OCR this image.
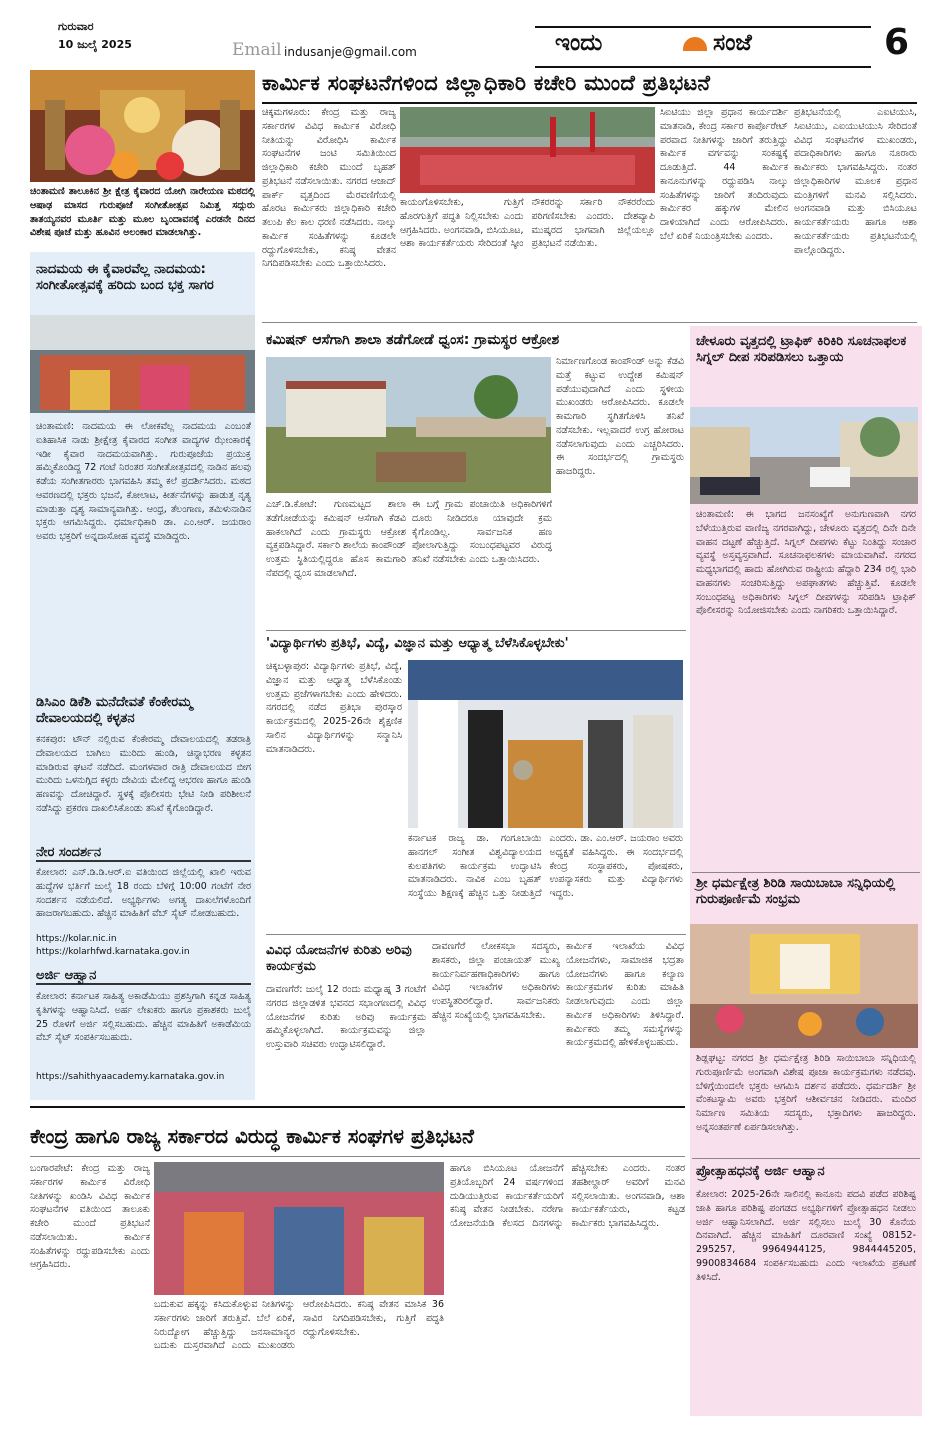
ಗುರುವಾರ
10 ಜುಲೈ 2025	Email indusanje@gmail.com	ಇಂದು	ಸಂಜೆ	6
ಚಿಂತಾಮಣಿ ತಾಲೂಕಿನ ಶ್ರೀ ಕ್ಷೇತ್ರ ಕೈವಾರದ ಯೋಗಿ ನಾರೇಯಣ ಮಠದಲ್ಲಿ ಆಷಾಢ ಮಾಸದ ಗುರುಪೂಜೆ ಸಂಗೀತೋತ್ಸವ ನಿಮಿತ್ತ ಸದ್ಗುರು ತಾತಯ್ಯನವರ ಮೂರ್ತಿ ಮತ್ತು ಮೂಲ ಬೃಂದಾವನಕ್ಕೆ ಎರಡನೇ ದಿನದ ವಿಶೇಷ ಪೂಜೆ ಮತ್ತು ಹೂವಿನ ಅಲಂಕಾರ ಮಾಡಲಾಗಿತ್ತು.
ಕಾರ್ಮಿಕ ಸಂಘಟನೆಗಳಿಂದ ಜಿಲ್ಲಾಧಿಕಾರಿ ಕಚೇರಿ ಮುಂದೆ ಪ್ರತಿಭಟನೆ
ಚಿಕ್ಕಮಗಳೂರು: ಕೇಂದ್ರ ಮತ್ತು ರಾಜ್ಯ ಸರ್ಕಾರಗಳ ವಿವಿಧ ಕಾರ್ಮಿಕ ವಿರೋಧಿ ನೀತಿಯನ್ನು ವಿರೋಧಿಸಿ ಕಾರ್ಮಿಕ ಸಂಘಟನೆಗಳ ಜಂಟಿ ಸಮಿತಿಯಿಂದ ಜಿಲ್ಲಾಧಿಕಾರಿ ಕಚೇರಿ ಮುಂದೆ ಬೃಹತ್ ಪ್ರತಿಭಟನೆ ನಡೆಸಲಾಯಿತು. ನಗರದ ಆಜಾದ್ ಪಾರ್ಕ್ ವೃತ್ತದಿಂದ ಮೆರವಣಿಗೆಯಲ್ಲಿ ಹೊರಟ ಕಾರ್ಮಿಕರು ಜಿಲ್ಲಾಧಿಕಾರಿ ಕಚೇರಿ ತಲುಪಿ ಕೆಲ ಕಾಲ ಧರಣಿ ನಡೆಸಿದರು. ನಾಲ್ಕು ಕಾರ್ಮಿಕ ಸಂಹಿತೆಗಳನ್ನು ಕೂಡಲೇ ರದ್ದುಗೊಳಿಸಬೇಕು, ಕನಿಷ್ಠ ವೇತನ ನಿಗದಿಪಡಿಸಬೇಕು ಎಂದು ಒತ್ತಾಯಿಸಿದರು.
ಕಾಯಂಗೊಳಿಸಬೇಕು, ಗುತ್ತಿಗೆ ಹೊರಗುತ್ತಿಗೆ ಪದ್ಧತಿ ನಿಲ್ಲಿಸಬೇಕು ಎಂದು ಆಗ್ರಹಿಸಿದರು. ಅಂಗನವಾಡಿ, ಬಿಸಿಯೂಟ, ಆಶಾ ಕಾರ್ಯಕರ್ತೆಯರು ಸೇರಿದಂತೆ ಸ್ಕೀಂ ನೌಕರರನ್ನು ಸರ್ಕಾರಿ ನೌಕರರೆಂದು ಪರಿಗಣಿಸಬೇಕು ಎಂದರು. ದೇಶವ್ಯಾಪಿ ಮುಷ್ಕರದ ಭಾಗವಾಗಿ ಜಿಲ್ಲೆಯಲ್ಲೂ ಪ್ರತಿಭಟನೆ ನಡೆಯಿತು.
ಸಿಐಟಿಯು ಜಿಲ್ಲಾ ಪ್ರಧಾನ ಕಾರ್ಯದರ್ಶಿ ಮಾತನಾಡಿ, ಕೇಂದ್ರ ಸರ್ಕಾರ ಕಾರ್ಪೊರೇಟ್ ಪರವಾದ ನೀತಿಗಳನ್ನು ಜಾರಿಗೆ ತರುತ್ತಿದ್ದು ಕಾರ್ಮಿಕ ವರ್ಗವನ್ನು ಸಂಕಷ್ಟಕ್ಕೆ ದೂಡುತ್ತಿದೆ. 44 ಕಾರ್ಮಿಕ ಕಾನೂನುಗಳನ್ನು ರದ್ದುಪಡಿಸಿ ನಾಲ್ಕು ಸಂಹಿತೆಗಳನ್ನು ಜಾರಿಗೆ ತಂದಿರುವುದು ಕಾರ್ಮಿಕರ ಹಕ್ಕುಗಳ ಮೇಲಿನ ದಾಳಿಯಾಗಿದೆ ಎಂದು ಆರೋಪಿಸಿದರು. ಬೆಲೆ ಏರಿಕೆ ನಿಯಂತ್ರಿಸಬೇಕು ಎಂದರು.
ಪ್ರತಿಭಟನೆಯಲ್ಲಿ ಎಐಟಿಯುಸಿ, ಸಿಐಟಿಯು, ಎಐಯುಟಿಯುಸಿ ಸೇರಿದಂತೆ ವಿವಿಧ ಸಂಘಟನೆಗಳ ಮುಖಂಡರು, ಪದಾಧಿಕಾರಿಗಳು ಹಾಗೂ ನೂರಾರು ಕಾರ್ಮಿಕರು ಭಾಗವಹಿಸಿದ್ದರು. ನಂತರ ಜಿಲ್ಲಾಧಿಕಾರಿಗಳ ಮೂಲಕ ಪ್ರಧಾನ ಮಂತ್ರಿಗಳಿಗೆ ಮನವಿ ಸಲ್ಲಿಸಿದರು. ಅಂಗನವಾಡಿ ಮತ್ತು ಬಿಸಿಯೂಟ ಕಾರ್ಯಕರ್ತೆಯರು ಹಾಗೂ ಆಶಾ ಕಾರ್ಯಕರ್ತೆಯರು ಪ್ರತಿಭಟನೆಯಲ್ಲಿ ಪಾಲ್ಗೊಂಡಿದ್ದರು.
ನಾದಮಯ ಈ ಕೈವಾರವೆಲ್ಲ ನಾದಮಯ: ಸಂಗೀತೋತ್ಸವಕ್ಕೆ ಹರಿದು ಬಂದ ಭಕ್ತ ಸಾಗರ
ಚಿಂತಾಮಣಿ: ನಾದಮಯ ಈ ಲೋಕವೆಲ್ಲ ನಾದಮಯ ಎಂಬಂತೆ ಐತಿಹಾಸಿಕ ನಾಡು ಶ್ರೀಕ್ಷೇತ್ರ ಕೈವಾರದ ಸಂಗೀತ ವಾದ್ಯಗಳ ಝೇಂಕಾರಕ್ಕೆ ಇಡೀ ಕೈವಾರ ನಾದಮಯವಾಗಿತ್ತು. ಗುರುಪೂಜೆಯ ಪ್ರಯುಕ್ತ ಹಮ್ಮಿಕೊಂಡಿದ್ದ 72 ಗಂಟೆ ನಿರಂತರ ಸಂಗೀತೋತ್ಸವದಲ್ಲಿ ನಾಡಿನ ಹಲವು ಕಡೆಯ ಸಂಗೀತಗಾರರು ಭಾಗವಹಿಸಿ ತಮ್ಮ ಕಲೆ ಪ್ರದರ್ಶಿಸಿದರು. ಮಠದ ಆವರಣದಲ್ಲಿ ಭಕ್ತರು ಭಜನೆ, ಕೋಲಾಟ, ಕೀರ್ತನೆಗಳನ್ನು ಹಾಡುತ್ತ ನೃತ್ಯ ಮಾಡುತ್ತಾ ದೃಶ್ಯ ಸಾಮಾನ್ಯವಾಗಿತ್ತು. ಆಂಧ್ರ, ತೆಲಂಗಾಣ, ತಮಿಳುನಾಡಿನ ಭಕ್ತರು ಆಗಮಿಸಿದ್ದರು. ಧರ್ಮಾಧಿಕಾರಿ ಡಾ. ಎಂ.ಆರ್. ಜಯರಾಂ ಅವರು ಭಕ್ತರಿಗೆ ಅನ್ನದಾಸೋಹ ವ್ಯವಸ್ಥೆ ಮಾಡಿದ್ದರು.
ಡಿಸಿಎಂ ಡಿಕೆಶಿ ಮನೆದೇವತೆ ಕೆಂಕೇರಮ್ಮ ದೇವಾಲಯದಲ್ಲಿ ಕಳ್ಳತನ
ಕನಕಪುರ: ಟೌನ್ ನಲ್ಲಿರುವ ಕೆಂಕೇರಮ್ಮ ದೇವಾಲಯದಲ್ಲಿ ತಡರಾತ್ರಿ ದೇವಾಲಯದ ಬಾಗಿಲು ಮುರಿದು ಹುಂಡಿ, ಚಿನ್ನಾಭರಣ ಕಳ್ಳತನ ಮಾಡಿರುವ ಘಟನೆ ನಡೆದಿದೆ. ಮಂಗಳವಾರ ರಾತ್ರಿ ದೇವಾಲಯದ ಬೀಗ ಮುರಿದು ಒಳನುಗ್ಗಿದ ಕಳ್ಳರು ದೇವಿಯ ಮೇಲಿದ್ದ ಆಭರಣ ಹಾಗೂ ಹುಂಡಿ ಹಣವನ್ನು ದೋಚಿದ್ದಾರೆ. ಸ್ಥಳಕ್ಕೆ ಪೊಲೀಸರು ಭೇಟಿ ನೀಡಿ ಪರಿಶೀಲನೆ ನಡೆಸಿದ್ದು ಪ್ರಕರಣ ದಾಖಲಿಸಿಕೊಂಡು ತನಿಖೆ ಕೈಗೊಂಡಿದ್ದಾರೆ.
ನೇರ ಸಂದರ್ಶನ
ಕೋಲಾರ: ಎನ್.ಡಿ.ಡಿ.ಆರ್.ಐ ವತಿಯಿಂದ ಜಿಲ್ಲೆಯಲ್ಲಿ ಖಾಲಿ ಇರುವ ಹುದ್ದೆಗಳ ಭರ್ತಿಗೆ ಜುಲೈ 18 ರಂದು ಬೆಳಿಗ್ಗೆ 10:00 ಗಂಟೆಗೆ ನೇರ ಸಂದರ್ಶನ ನಡೆಯಲಿದೆ. ಅಭ್ಯರ್ಥಿಗಳು ಅಗತ್ಯ ದಾಖಲೆಗಳೊಂದಿಗೆ ಹಾಜರಾಗಬಹುದು. ಹೆಚ್ಚಿನ ಮಾಹಿತಿಗೆ ವೆಬ್ ಸೈಟ್ ನೋಡಬಹುದು.
https://kolar.nic.in
https://kolarhfwd.karnataka.gov.in
ಅರ್ಜಿ ಆಹ್ವಾನ
ಕೋಲಾರ: ಕರ್ನಾಟಕ ಸಾಹಿತ್ಯ ಅಕಾಡೆಮಿಯು ಪ್ರಶಸ್ತಿಗಾಗಿ ಕನ್ನಡ ಸಾಹಿತ್ಯ ಕೃತಿಗಳನ್ನು ಆಹ್ವಾನಿಸಿದೆ. ಅರ್ಹ ಲೇಖಕರು ಹಾಗೂ ಪ್ರಕಾಶಕರು ಜುಲೈ 25 ರೊಳಗೆ ಅರ್ಜಿ ಸಲ್ಲಿಸಬಹುದು. ಹೆಚ್ಚಿನ ಮಾಹಿತಿಗೆ ಅಕಾಡೆಮಿಯ ವೆಬ್ ಸೈಟ್ ಸಂಪರ್ಕಿಸಬಹುದು.
https://sahithyaacademy.karnataka.gov.in
ಕಮಿಷನ್ ಆಸೆಗಾಗಿ ಶಾಲಾ ತಡೆಗೋಡೆ ಧ್ವಂಸ: ಗ್ರಾಮಸ್ಥರ ಆಕ್ರೋಶ
ಎಚ್.ಡಿ.ಕೋಟೆ: ಗುಣಮಟ್ಟದ ಶಾಲಾ ತಡೆಗೋಡೆಯನ್ನು ಕಮಿಷನ್ ಆಸೆಗಾಗಿ ಕೆಡವಿ ಹಾಕಲಾಗಿದೆ ಎಂದು ಗ್ರಾಮಸ್ಥರು ಆಕ್ರೋಶ ವ್ಯಕ್ತಪಡಿಸಿದ್ದಾರೆ. ಸರ್ಕಾರಿ ಶಾಲೆಯ ಕಾಂಪೌಂಡ್ ಉತ್ತಮ ಸ್ಥಿತಿಯಲ್ಲಿದ್ದರೂ ಹೊಸ ಕಾಮಗಾರಿ ನೆಪದಲ್ಲಿ ಧ್ವಂಸ ಮಾಡಲಾಗಿದೆ.
ಈ ಬಗ್ಗೆ ಗ್ರಾಮ ಪಂಚಾಯಿತಿ ಅಧಿಕಾರಿಗಳಿಗೆ ದೂರು ನೀಡಿದರೂ ಯಾವುದೇ ಕ್ರಮ ಕೈಗೊಂಡಿಲ್ಲ. ಸಾರ್ವಜನಿಕ ಹಣ ಪೋಲಾಗುತ್ತಿದ್ದು ಸಂಬಂಧಪಟ್ಟವರ ವಿರುದ್ಧ ತನಿಖೆ ನಡೆಸಬೇಕು ಎಂದು ಒತ್ತಾಯಿಸಿದರು.
ನಿರ್ಮಾಣಗೊಂಡ ಕಾಂಪೌಂಡ್ ಅನ್ನು ಕೆಡವಿ ಮತ್ತೆ ಕಟ್ಟುವ ಉದ್ದೇಶ ಕಮಿಷನ್ ಪಡೆಯುವುದಾಗಿದೆ ಎಂದು ಸ್ಥಳೀಯ ಮುಖಂಡರು ಆರೋಪಿಸಿದರು. ಕೂಡಲೇ ಕಾಮಗಾರಿ ಸ್ಥಗಿತಗೊಳಿಸಿ ತನಿಖೆ ನಡೆಸಬೇಕು. ಇಲ್ಲವಾದರೆ ಉಗ್ರ ಹೋರಾಟ ನಡೆಸಲಾಗುವುದು ಎಂದು ಎಚ್ಚರಿಸಿದರು. ಈ ಸಂದರ್ಭದಲ್ಲಿ ಗ್ರಾಮಸ್ಥರು ಹಾಜರಿದ್ದರು.
'ವಿದ್ಯಾರ್ಥಿಗಳು ಪ್ರತಿಭೆ, ವಿದ್ಯೆ, ವಿಜ್ಞಾನ ಮತ್ತು ಆಧ್ಯಾತ್ಮ ಬೆಳೆಸಿಕೊಳ್ಳಬೇಕು'
ಚಿಕ್ಕಬಳ್ಳಾಪುರ: ವಿದ್ಯಾರ್ಥಿಗಳು ಪ್ರತಿಭೆ, ವಿದ್ಯೆ, ವಿಜ್ಞಾನ ಮತ್ತು ಆಧ್ಯಾತ್ಮ ಬೆಳೆಸಿಕೊಂಡು ಉತ್ತಮ ಪ್ರಜೆಗಳಾಗಬೇಕು ಎಂದು ಹೇಳಿದರು. ನಗರದಲ್ಲಿ ನಡೆದ ಪ್ರತಿಭಾ ಪುರಸ್ಕಾರ ಕಾರ್ಯಕ್ರಮದಲ್ಲಿ 2025-26ನೇ ಶೈಕ್ಷಣಿಕ ಸಾಲಿನ ವಿದ್ಯಾರ್ಥಿಗಳನ್ನು ಸನ್ಮಾನಿಸಿ ಮಾತನಾಡಿದರು.
ಕರ್ನಾಟಕ ರಾಜ್ಯ ಡಾ. ಗಂಗೂಬಾಯಿ ಹಾನಗಲ್ ಸಂಗೀತ ವಿಶ್ವವಿದ್ಯಾಲಯದ ಕುಲಪತಿಗಳು ಕಾರ್ಯಕ್ರಮ ಉದ್ಘಾಟಿಸಿ ಮಾತನಾಡಿದರು. ನಾವಿಕ ಎಂಬ ಬೃಹತ್ ಸಂಸ್ಥೆಯು ಶಿಕ್ಷಣಕ್ಕೆ ಹೆಚ್ಚಿನ ಒತ್ತು ನೀಡುತ್ತಿದೆ ಎಂದರು. ಡಾ. ಎಂ.ಆರ್. ಜಯರಾಂ ಅವರು ಅಧ್ಯಕ್ಷತೆ ವಹಿಸಿದ್ದರು. ಈ ಸಂದರ್ಭದಲ್ಲಿ ಕೇಂದ್ರ ಸಂಸ್ಥಾಪಕರು, ಪೋಷಕರು, ಉಪನ್ಯಾಸಕರು ಮತ್ತು ವಿದ್ಯಾರ್ಥಿಗಳು ಇದ್ದರು.
ವಿವಿಧ ಯೋಜನೆಗಳ ಕುರಿತು ಅರಿವು ಕಾರ್ಯಕ್ರಮ
ದಾವಣಗೆರೆ: ಜುಲೈ 12 ರಂದು ಮಧ್ಯಾಹ್ನ 3 ಗಂಟೆಗೆ ನಗರದ ಜಿಲ್ಲಾಡಳಿತ ಭವನದ ಸಭಾಂಗಣದಲ್ಲಿ ವಿವಿಧ ಯೋಜನೆಗಳ ಕುರಿತು ಅರಿವು ಕಾರ್ಯಕ್ರಮ ಹಮ್ಮಿಕೊಳ್ಳಲಾಗಿದೆ. ಕಾರ್ಯಕ್ರಮವನ್ನು ಜಿಲ್ಲಾ ಉಸ್ತುವಾರಿ ಸಚಿವರು ಉದ್ಘಾಟಿಸಲಿದ್ದಾರೆ.
ದಾವಣಗೆರೆ ಲೋಕಸಭಾ ಸದಸ್ಯರು, ಶಾಸಕರು, ಜಿಲ್ಲಾ ಪಂಚಾಯತ್ ಮುಖ್ಯ ಕಾರ್ಯನಿರ್ವಹಣಾಧಿಕಾರಿಗಳು ಹಾಗೂ ವಿವಿಧ ಇಲಾಖೆಗಳ ಅಧಿಕಾರಿಗಳು ಉಪಸ್ಥಿತರಿರಲಿದ್ದಾರೆ. ಸಾರ್ವಜನಿಕರು ಹೆಚ್ಚಿನ ಸಂಖ್ಯೆಯಲ್ಲಿ ಭಾಗವಹಿಸಬೇಕು.
ಕಾರ್ಮಿಕ ಇಲಾಖೆಯ ವಿವಿಧ ಯೋಜನೆಗಳು, ಸಾಮಾಜಿಕ ಭದ್ರತಾ ಯೋಜನೆಗಳು ಹಾಗೂ ಕಲ್ಯಾಣ ಕಾರ್ಯಕ್ರಮಗಳ ಕುರಿತು ಮಾಹಿತಿ ನೀಡಲಾಗುವುದು ಎಂದು ಜಿಲ್ಲಾ ಕಾರ್ಮಿಕ ಅಧಿಕಾರಿಗಳು ತಿಳಿಸಿದ್ದಾರೆ. ಕಾರ್ಮಿಕರು ತಮ್ಮ ಸಮಸ್ಯೆಗಳನ್ನು ಕಾರ್ಯಕ್ರಮದಲ್ಲಿ ಹೇಳಿಕೊಳ್ಳಬಹುದು.
ಚೇಳೂರು ವೃತ್ತದಲ್ಲಿ ಟ್ರಾಫಿಕ್ ಕಿರಿಕಿರಿ ಸೂಚನಾಫಲಕ ಸಿಗ್ನಲ್ ದೀಪ ಸರಿಪಡಿಸಲು ಒತ್ತಾಯ
ಚಿಂತಾಮಣಿ: ಈ ಭಾಗದ ಜನಸಂಖ್ಯೆಗೆ ಅನುಗುಣವಾಗಿ ನಗರ ಬೆಳೆಯುತ್ತಿರುವ ವಾಣಿಜ್ಯ ನಗರವಾಗಿದ್ದು, ಚೇಳೂರು ವೃತ್ತದಲ್ಲಿ ದಿನೇ ದಿನೇ ವಾಹನ ದಟ್ಟಣೆ ಹೆಚ್ಚುತ್ತಿದೆ. ಸಿಗ್ನಲ್ ದೀಪಗಳು ಕೆಟ್ಟು ನಿಂತಿದ್ದು ಸಂಚಾರ ವ್ಯವಸ್ಥೆ ಅಸ್ತವ್ಯಸ್ತವಾಗಿದೆ. ಸೂಚನಾಫಲಕಗಳು ಮಾಯವಾಗಿವೆ. ನಗರದ ಮಧ್ಯಭಾಗದಲ್ಲಿ ಹಾದು ಹೋಗಿರುವ ರಾಷ್ಟ್ರೀಯ ಹೆದ್ದಾರಿ 234 ರಲ್ಲಿ ಭಾರಿ ವಾಹನಗಳು ಸಂಚರಿಸುತ್ತಿದ್ದು ಅಪಘಾತಗಳು ಹೆಚ್ಚುತ್ತಿವೆ. ಕೂಡಲೇ ಸಂಬಂಧಪಟ್ಟ ಅಧಿಕಾರಿಗಳು ಸಿಗ್ನಲ್ ದೀಪಗಳನ್ನು ಸರಿಪಡಿಸಿ ಟ್ರಾಫಿಕ್ ಪೊಲೀಸರನ್ನು ನಿಯೋಜಿಸಬೇಕು ಎಂದು ನಾಗರಿಕರು ಒತ್ತಾಯಿಸಿದ್ದಾರೆ.
ಶ್ರೀ ಧರ್ಮಕ್ಷೇತ್ರ ಶಿರಿಡಿ ಸಾಯಿಬಾಬಾ ಸನ್ನಿಧಿಯಲ್ಲಿ ಗುರುಪೂರ್ಣಿಮೆ ಸಂಭ್ರಮ
ಶಿಡ್ಲಘಟ್ಟ: ನಗರದ ಶ್ರೀ ಧರ್ಮಕ್ಷೇತ್ರ ಶಿರಿಡಿ ಸಾಯಿಬಾಬಾ ಸನ್ನಿಧಿಯಲ್ಲಿ ಗುರುಪೂರ್ಣಿಮೆ ಅಂಗವಾಗಿ ವಿಶೇಷ ಪೂಜಾ ಕಾರ್ಯಕ್ರಮಗಳು ನಡೆದವು. ಬೆಳಿಗ್ಗೆಯಿಂದಲೇ ಭಕ್ತರು ಆಗಮಿಸಿ ದರ್ಶನ ಪಡೆದರು. ಧರ್ಮದರ್ಶಿ ಶ್ರೀ ವೆಂಕಟಸ್ವಾಮಿ ಅವರು ಭಕ್ತರಿಗೆ ಆಶೀರ್ವಚನ ನೀಡಿದರು. ಮಂದಿರ ನಿರ್ಮಾಣ ಸಮಿತಿಯ ಸದಸ್ಯರು, ಭಕ್ತಾದಿಗಳು ಹಾಜರಿದ್ದರು. ಅನ್ನಸಂತರ್ಪಣೆ ಏರ್ಪಡಿಸಲಾಗಿತ್ತು.
ಪ್ರೋತ್ಸಾಹಧನಕ್ಕೆ ಅರ್ಜಿ ಆಹ್ವಾನ
ಕೋಲಾರ: 2025-26ನೇ ಸಾಲಿನಲ್ಲಿ ಕಾನೂನು ಪದವಿ ಪಡೆದ ಪರಿಶಿಷ್ಟ ಜಾತಿ ಹಾಗೂ ಪರಿಶಿಷ್ಟ ಪಂಗಡದ ಅಭ್ಯರ್ಥಿಗಳಿಗೆ ಪ್ರೋತ್ಸಾಹಧನ ನೀಡಲು ಅರ್ಜಿ ಆಹ್ವಾನಿಸಲಾಗಿದೆ. ಅರ್ಜಿ ಸಲ್ಲಿಸಲು ಜುಲೈ 30 ಕೊನೆಯ ದಿನವಾಗಿದೆ. ಹೆಚ್ಚಿನ ಮಾಹಿತಿಗೆ ದೂರವಾಣಿ ಸಂಖ್ಯೆ 08152-295257, 9964944125, 9844445205, 9900834684 ಸಂಪರ್ಕಿಸಬಹುದು ಎಂದು ಇಲಾಖೆಯ ಪ್ರಕಟಣೆ ತಿಳಿಸಿದೆ.
ಕೇಂದ್ರ ಹಾಗೂ ರಾಜ್ಯ ಸರ್ಕಾರದ ವಿರುದ್ಧ ಕಾರ್ಮಿಕ ಸಂಘಗಳ ಪ್ರತಿಭಟನೆ
ಬಂಗಾರಪೇಟೆ: ಕೇಂದ್ರ ಮತ್ತು ರಾಜ್ಯ ಸರ್ಕಾರಗಳ ಕಾರ್ಮಿಕ ವಿರೋಧಿ ನೀತಿಗಳನ್ನು ಖಂಡಿಸಿ ವಿವಿಧ ಕಾರ್ಮಿಕ ಸಂಘಟನೆಗಳ ವತಿಯಿಂದ ತಾಲೂಕು ಕಚೇರಿ ಮುಂದೆ ಪ್ರತಿಭಟನೆ ನಡೆಸಲಾಯಿತು. ಕಾರ್ಮಿಕ ಸಂಹಿತೆಗಳನ್ನು ರದ್ದುಪಡಿಸಬೇಕು ಎಂದು ಆಗ್ರಹಿಸಿದರು.
ಬದುಕುವ ಹಕ್ಕನ್ನು ಕಸಿದುಕೊಳ್ಳುವ ನೀತಿಗಳನ್ನು ಸರ್ಕಾರಗಳು ಜಾರಿಗೆ ತರುತ್ತಿವೆ. ಬೆಲೆ ಏರಿಕೆ, ನಿರುದ್ಯೋಗ ಹೆಚ್ಚುತ್ತಿದ್ದು ಜನಸಾಮಾನ್ಯರ ಬದುಕು ದುಸ್ತರವಾಗಿದೆ ಎಂದು ಮುಖಂಡರು ಆರೋಪಿಸಿದರು. ಕನಿಷ್ಠ ವೇತನ ಮಾಸಿಕ 36 ಸಾವಿರ ನಿಗದಿಪಡಿಸಬೇಕು, ಗುತ್ತಿಗೆ ಪದ್ಧತಿ ರದ್ದುಗೊಳಿಸಬೇಕು.
ಹಾಗೂ ಬಿಸಿಯೂಟ ಯೋಜನೆಗೆ ಪ್ರತಿಯೊಬ್ಬರಿಗೆ 24 ವರ್ಷಗಳಿಂದ ದುಡಿಯುತ್ತಿರುವ ಕಾರ್ಯಕರ್ತೆಯರಿಗೆ ಕನಿಷ್ಠ ವೇತನ ನೀಡಬೇಕು. ನರೇಗಾ ಯೋಜನೆಯಡಿ ಕೆಲಸದ ದಿನಗಳನ್ನು ಹೆಚ್ಚಿಸಬೇಕು ಎಂದರು. ನಂತರ ತಹಶೀಲ್ದಾರ್ ಅವರಿಗೆ ಮನವಿ ಸಲ್ಲಿಸಲಾಯಿತು. ಅಂಗನವಾಡಿ, ಆಶಾ ಕಾರ್ಯಕರ್ತೆಯರು, ಕಟ್ಟಡ ಕಾರ್ಮಿಕರು ಭಾಗವಹಿಸಿದ್ದರು.
